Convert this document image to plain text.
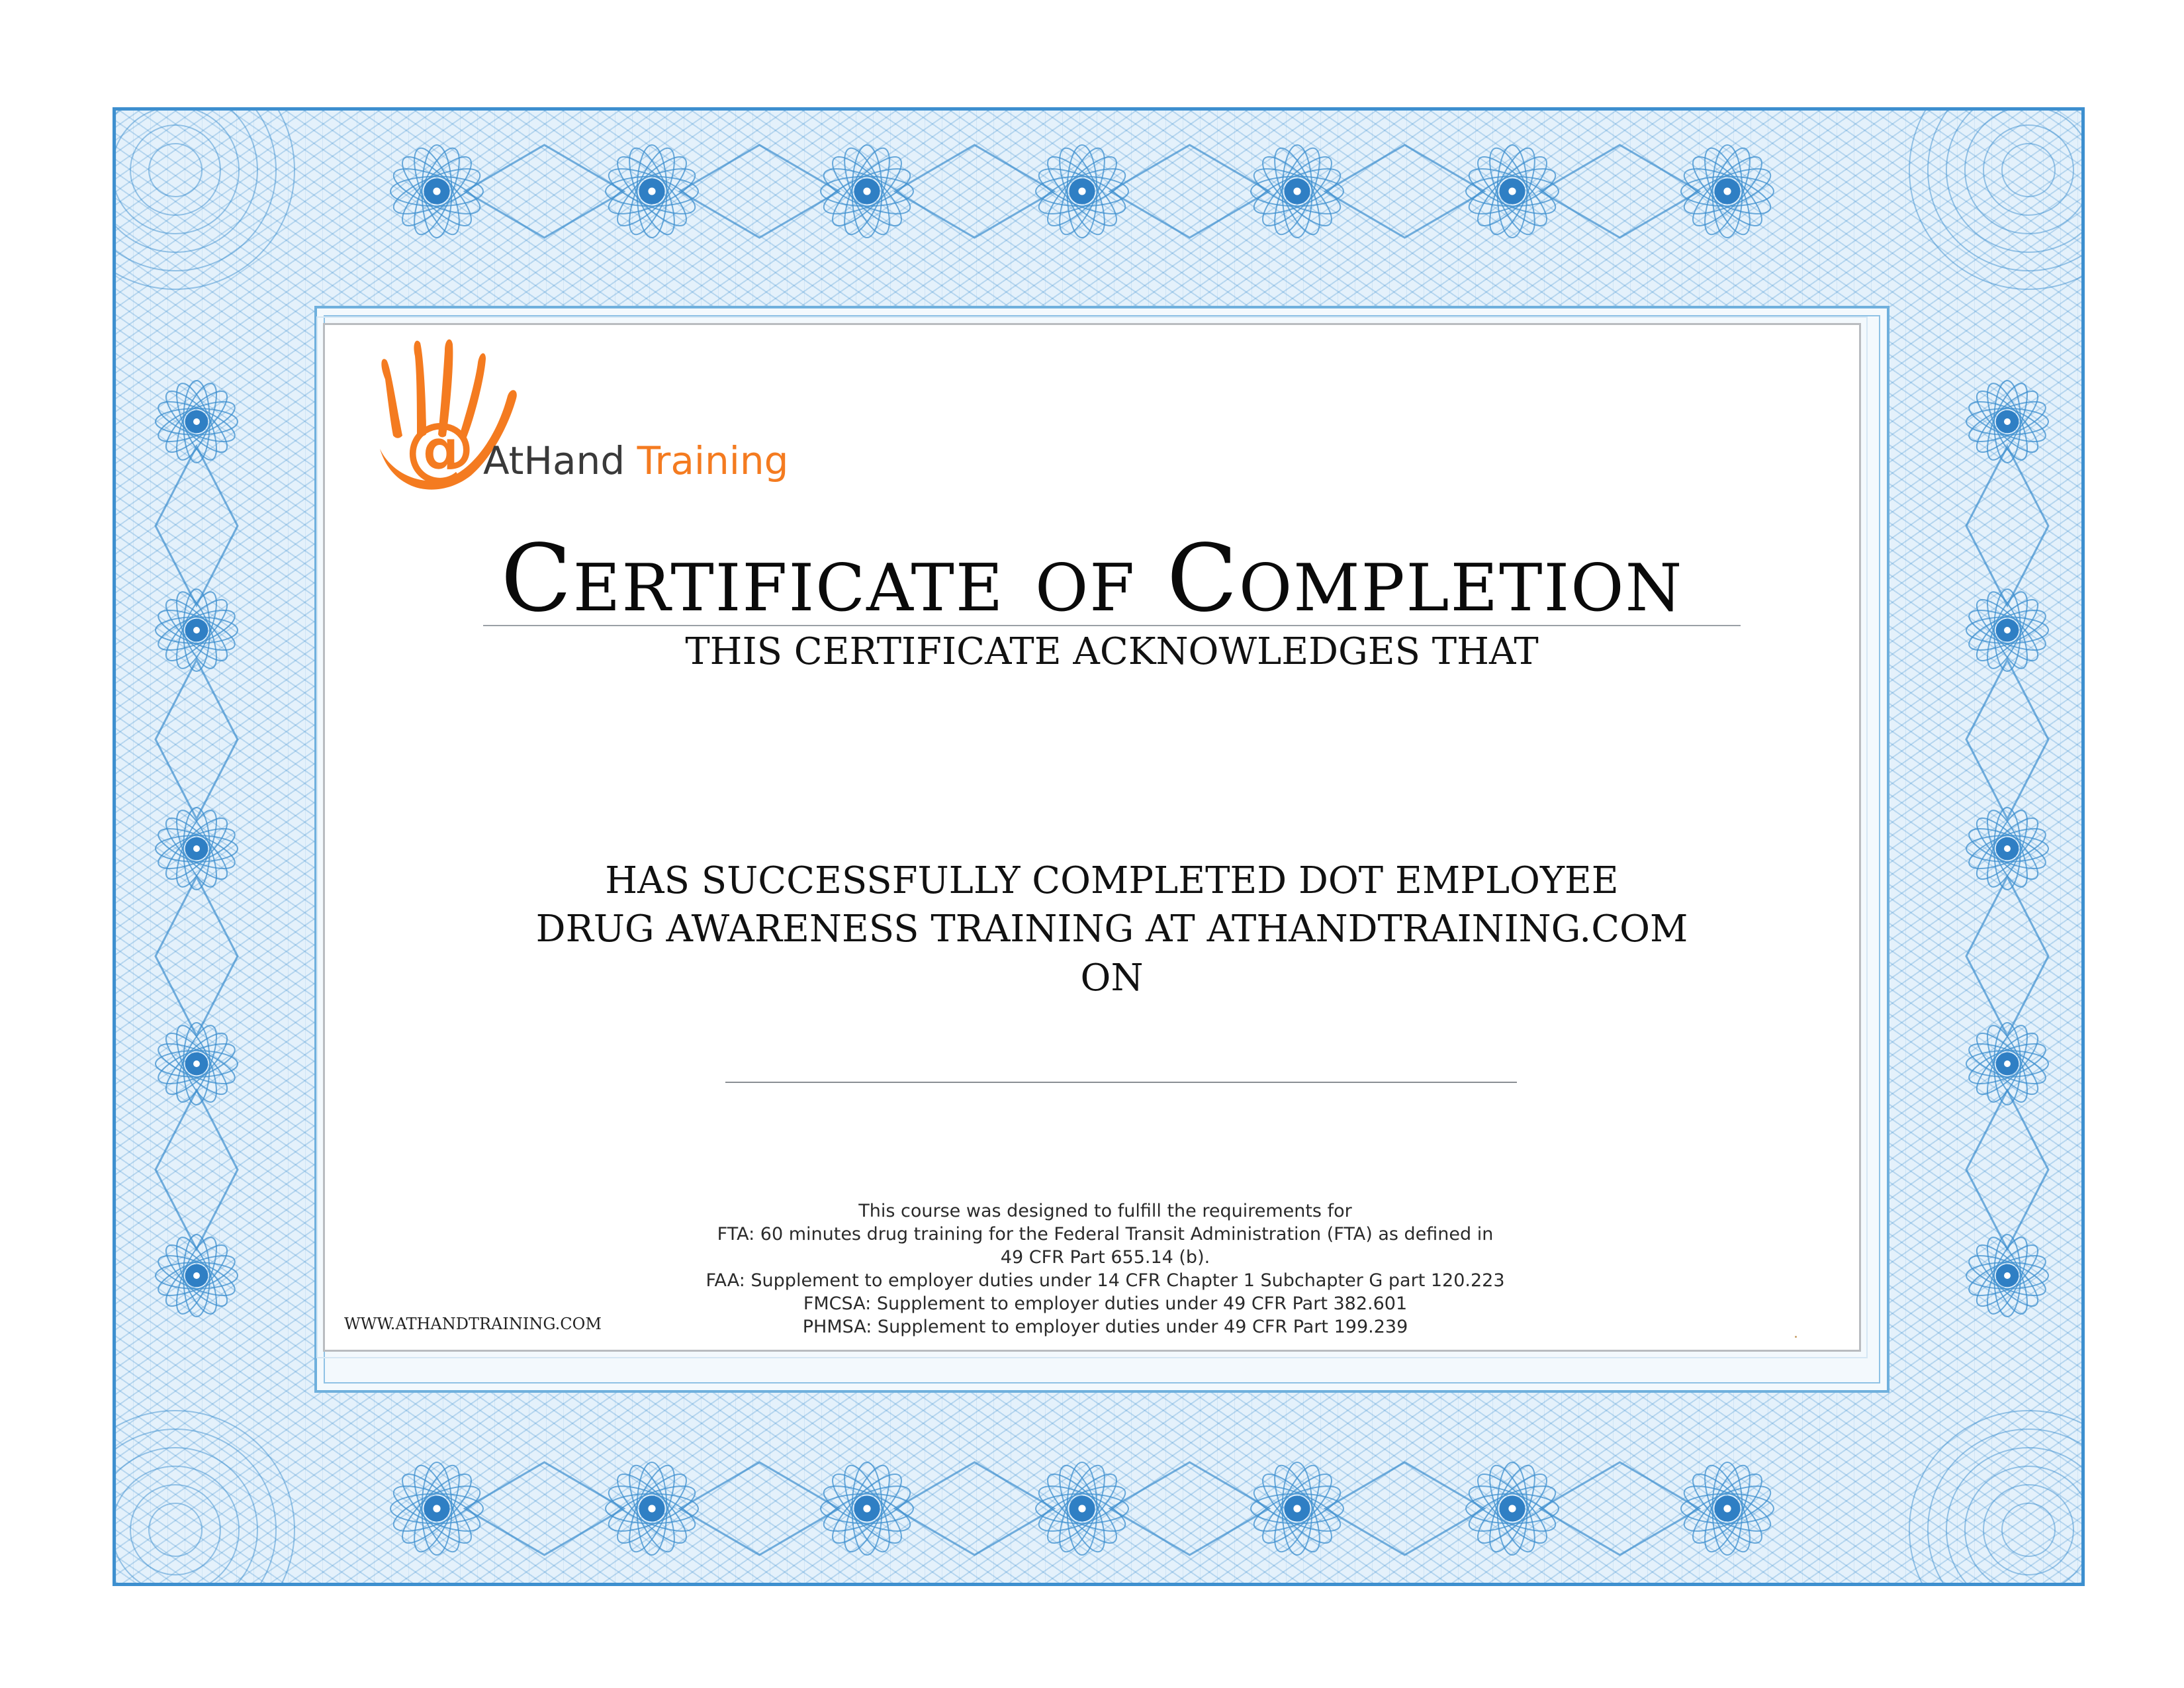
@ AtHand Training
Certificate of Completion
THIS CERTIFICATE ACKNOWLEDGES THAT
HAS SUCCESSFULLY COMPLETED DOT EMPLOYEE
DRUG AWARENESS TRAINING AT ATHANDTRAINING.COM
ON
This course was designed to fulfill the requirements for
FTA: 60 minutes drug training for the Federal Transit Administration (FTA) as defined in
49 CFR Part 655.14 (b).
FAA: Supplement to employer duties under 14 CFR Chapter 1 Subchapter G part 120.223
FMCSA: Supplement to employer duties under 49 CFR Part 382.601
PHMSA: Supplement to employer duties under 49 CFR Part 199.239
WWW.ATHANDTRAINING.COM
